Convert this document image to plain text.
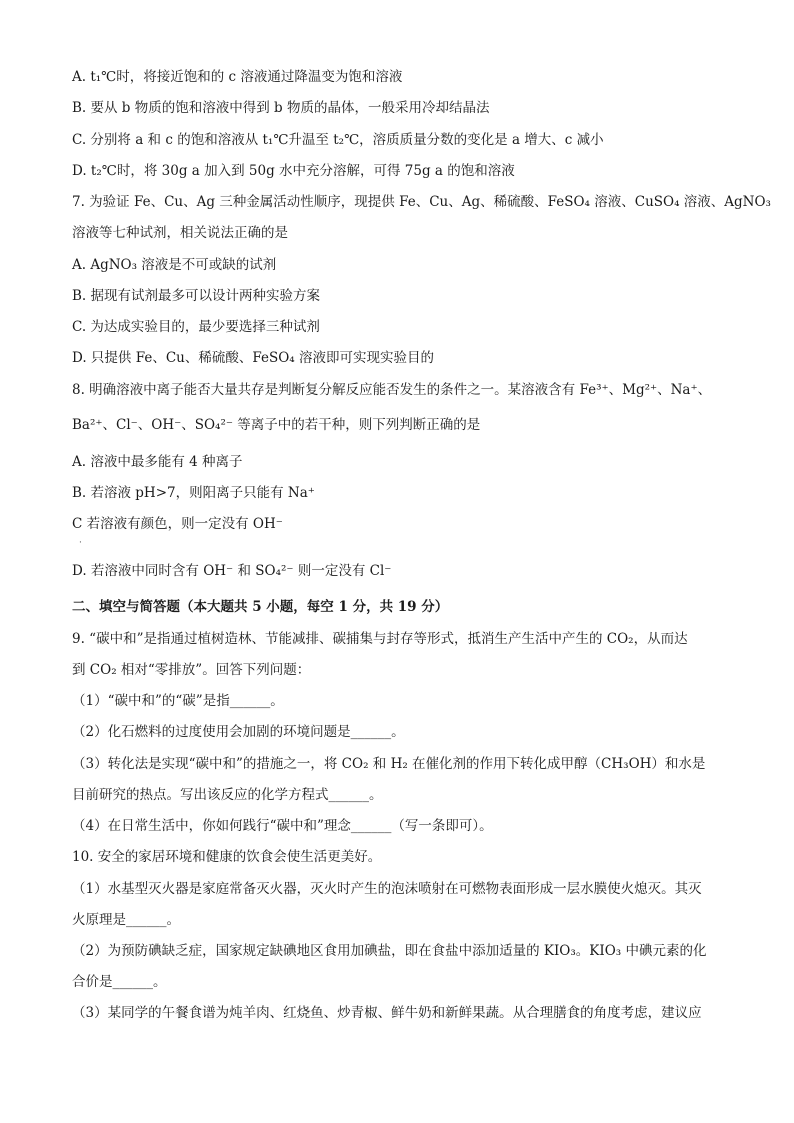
A. t₁℃时，将接近饱和的 c 溶液通过降温变为饱和溶液
B. 要从 b 物质的饱和溶液中得到 b 物质的晶体，一般采用冷却结晶法
C. 分别将 a 和 c 的饱和溶液从 t₁℃升温至 t₂℃，溶质质量分数的变化是 a 增大、c 减小
D. t₂℃时，将 30g a 加入到 50g 水中充分溶解，可得 75g a 的饱和溶液
7. 为验证 Fe、Cu、Ag 三种金属活动性顺序，现提供 Fe、Cu、Ag、稀硫酸、FeSO₄ 溶液、CuSO₄ 溶液、AgNO₃
溶液等七种试剂，相关说法正确的是
A. AgNO₃ 溶液是不可或缺的试剂
B. 据现有试剂最多可以设计两种实验方案
C. 为达成实验目的，最少要选择三种试剂
D. 只提供 Fe、Cu、稀硫酸、FeSO₄ 溶液即可实现实验目的
8. 明确溶液中离子能否大量共存是判断复分解反应能否发生的条件之一。某溶液含有 Fe³⁺、Mg²⁺、Na⁺、
Ba²⁺、Cl⁻、OH⁻、SO₄²⁻ 等离子中的若干种，则下列判断正确的是
A. 溶液中最多能有 4 种离子
B. 若溶液 pH>7，则阳离子只能有 Na⁺
C 若溶液有颜色，则一定没有 OH⁻
D. 若溶液中同时含有 OH⁻ 和 SO₄²⁻ 则一定没有 Cl⁻
二、填空与简答题（本大题共 5 小题，每空 1 分，共 19 分）
9. “碳中和”是指通过植树造林、节能减排、碳捕集与封存等形式，抵消生产生活中产生的 CO₂，从而达
到 CO₂ 相对“零排放”。回答下列问题：
（1）“碳中和”的“碳”是指______。
（2）化石燃料的过度使用会加剧的环境问题是______。
（3）转化法是实现“碳中和”的措施之一，将 CO₂ 和 H₂ 在催化剂的作用下转化成甲醇（CH₃OH）和水是
目前研究的热点。写出该反应的化学方程式______。
（4）在日常生活中，你如何践行“碳中和”理念______（写一条即可）。
10. 安全的家居环境和健康的饮食会使生活更美好。
（1）水基型灭火器是家庭常备灭火器，灭火时产生的泡沫喷射在可燃物表面形成一层水膜使火熄灭。其灭
火原理是______。
（2）为预防碘缺乏症，国家规定缺碘地区食用加碘盐，即在食盐中添加适量的 KIO₃。KIO₃ 中碘元素的化
合价是______。
（3）某同学的午餐食谱为炖羊肉、红烧鱼、炒青椒、鲜牛奶和新鲜果蔬。从合理膳食的角度考虑，建议应
·
